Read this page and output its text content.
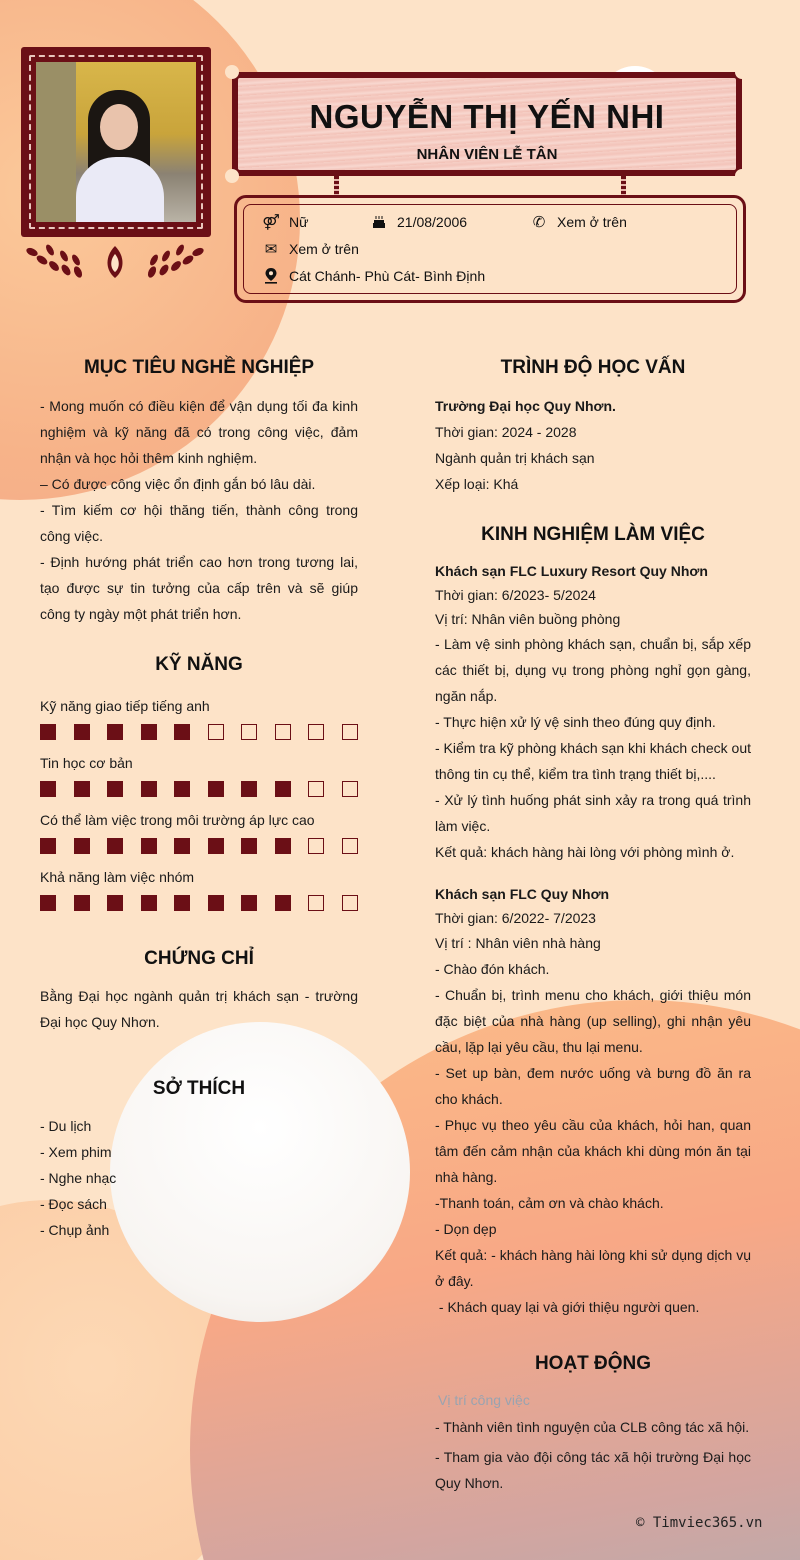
NGUYỄN THỊ YẾN NHI
NHÂN VIÊN LỄ TÂN
⚤ Nữ	21/08/2006	✆ Xem ở trên
✉ Xem ở trên
Cát Chánh- Phù Cát- Bình Định
MỤC TIÊU NGHỀ NGHIỆP
- Mong muốn có điều kiện để vận dụng tối đa kinh nghiệm và kỹ năng đã có trong công việc, đảm nhận và học hỏi thêm kinh nghiệm.
– Có được công việc ổn định gắn bó lâu dài.
- Tìm kiếm cơ hội thăng tiến, thành công trong công việc.
- Định hướng phát triển cao hơn trong tương lai, tạo được sự tin tưởng của cấp trên và sẽ giúp công ty ngày một phát triển hơn.
KỸ NĂNG
Kỹ năng giao tiếp tiếng anh
Tin học cơ bản
Có thể làm việc trong môi trường áp lực cao
Khả năng làm việc nhóm
CHỨNG CHỈ
Bằng Đại học ngành quản trị khách sạn - trường Đại học Quy Nhơn.
SỞ THÍCH
- Du lịch
- Xem phim
- Nghe nhạc
- Đọc sách
- Chụp ảnh
TRÌNH ĐỘ HỌC VẤN
Trường Đại học Quy Nhơn.
Thời gian: 2024 - 2028
Ngành quản trị khách sạn
Xếp loại: Khá
KINH NGHIỆM LÀM VIỆC
Khách sạn FLC Luxury Resort Quy Nhơn
Thời gian: 6/2023- 5/2024
Vị trí: Nhân viên buồng phòng
- Làm vệ sinh phòng khách sạn, chuẩn bị, sắp xếp các thiết bị, dụng vụ trong phòng nghỉ gọn gàng, ngăn nắp.
- Thực hiện xử lý vệ sinh theo đúng quy định.
- Kiểm tra kỹ phòng khách sạn khi khách check out thông tin cụ thể, kiểm tra tình trạng thiết bị,....
- Xử lý tình huống phát sinh xảy ra trong quá trình làm việc.
Kết quả: khách hàng hài lòng với phòng mình ở.
Khách sạn FLC Quy Nhơn
Thời gian: 6/2022- 7/2023
Vị trí : Nhân viên nhà hàng
- Chào đón khách.
- Chuẩn bị, trình menu cho khách, giới thiệu món đặc biệt của nhà hàng (up selling), ghi nhận yêu cầu, lặp lại yêu cầu, thu lại menu.
- Set up bàn, đem nước uống và bưng đồ ăn ra cho khách.
- Phục vụ theo yêu cầu của khách, hỏi han, quan tâm đến cảm nhận của khách khi dùng món ăn tại nhà hàng.
-Thanh toán, cảm ơn và chào khách.
- Dọn dẹp
Kết quả: - khách hàng hài lòng khi sử dụng dịch vụ ở đây.
- Khách quay lại và giới thiệu người quen.
HOẠT ĐỘNG
Vị trí công việc
- Thành viên tình nguyện của CLB công tác xã hội.
- Tham gia vào đội công tác xã hội trường Đại học Quy Nhơn.
© Timviec365.vn
